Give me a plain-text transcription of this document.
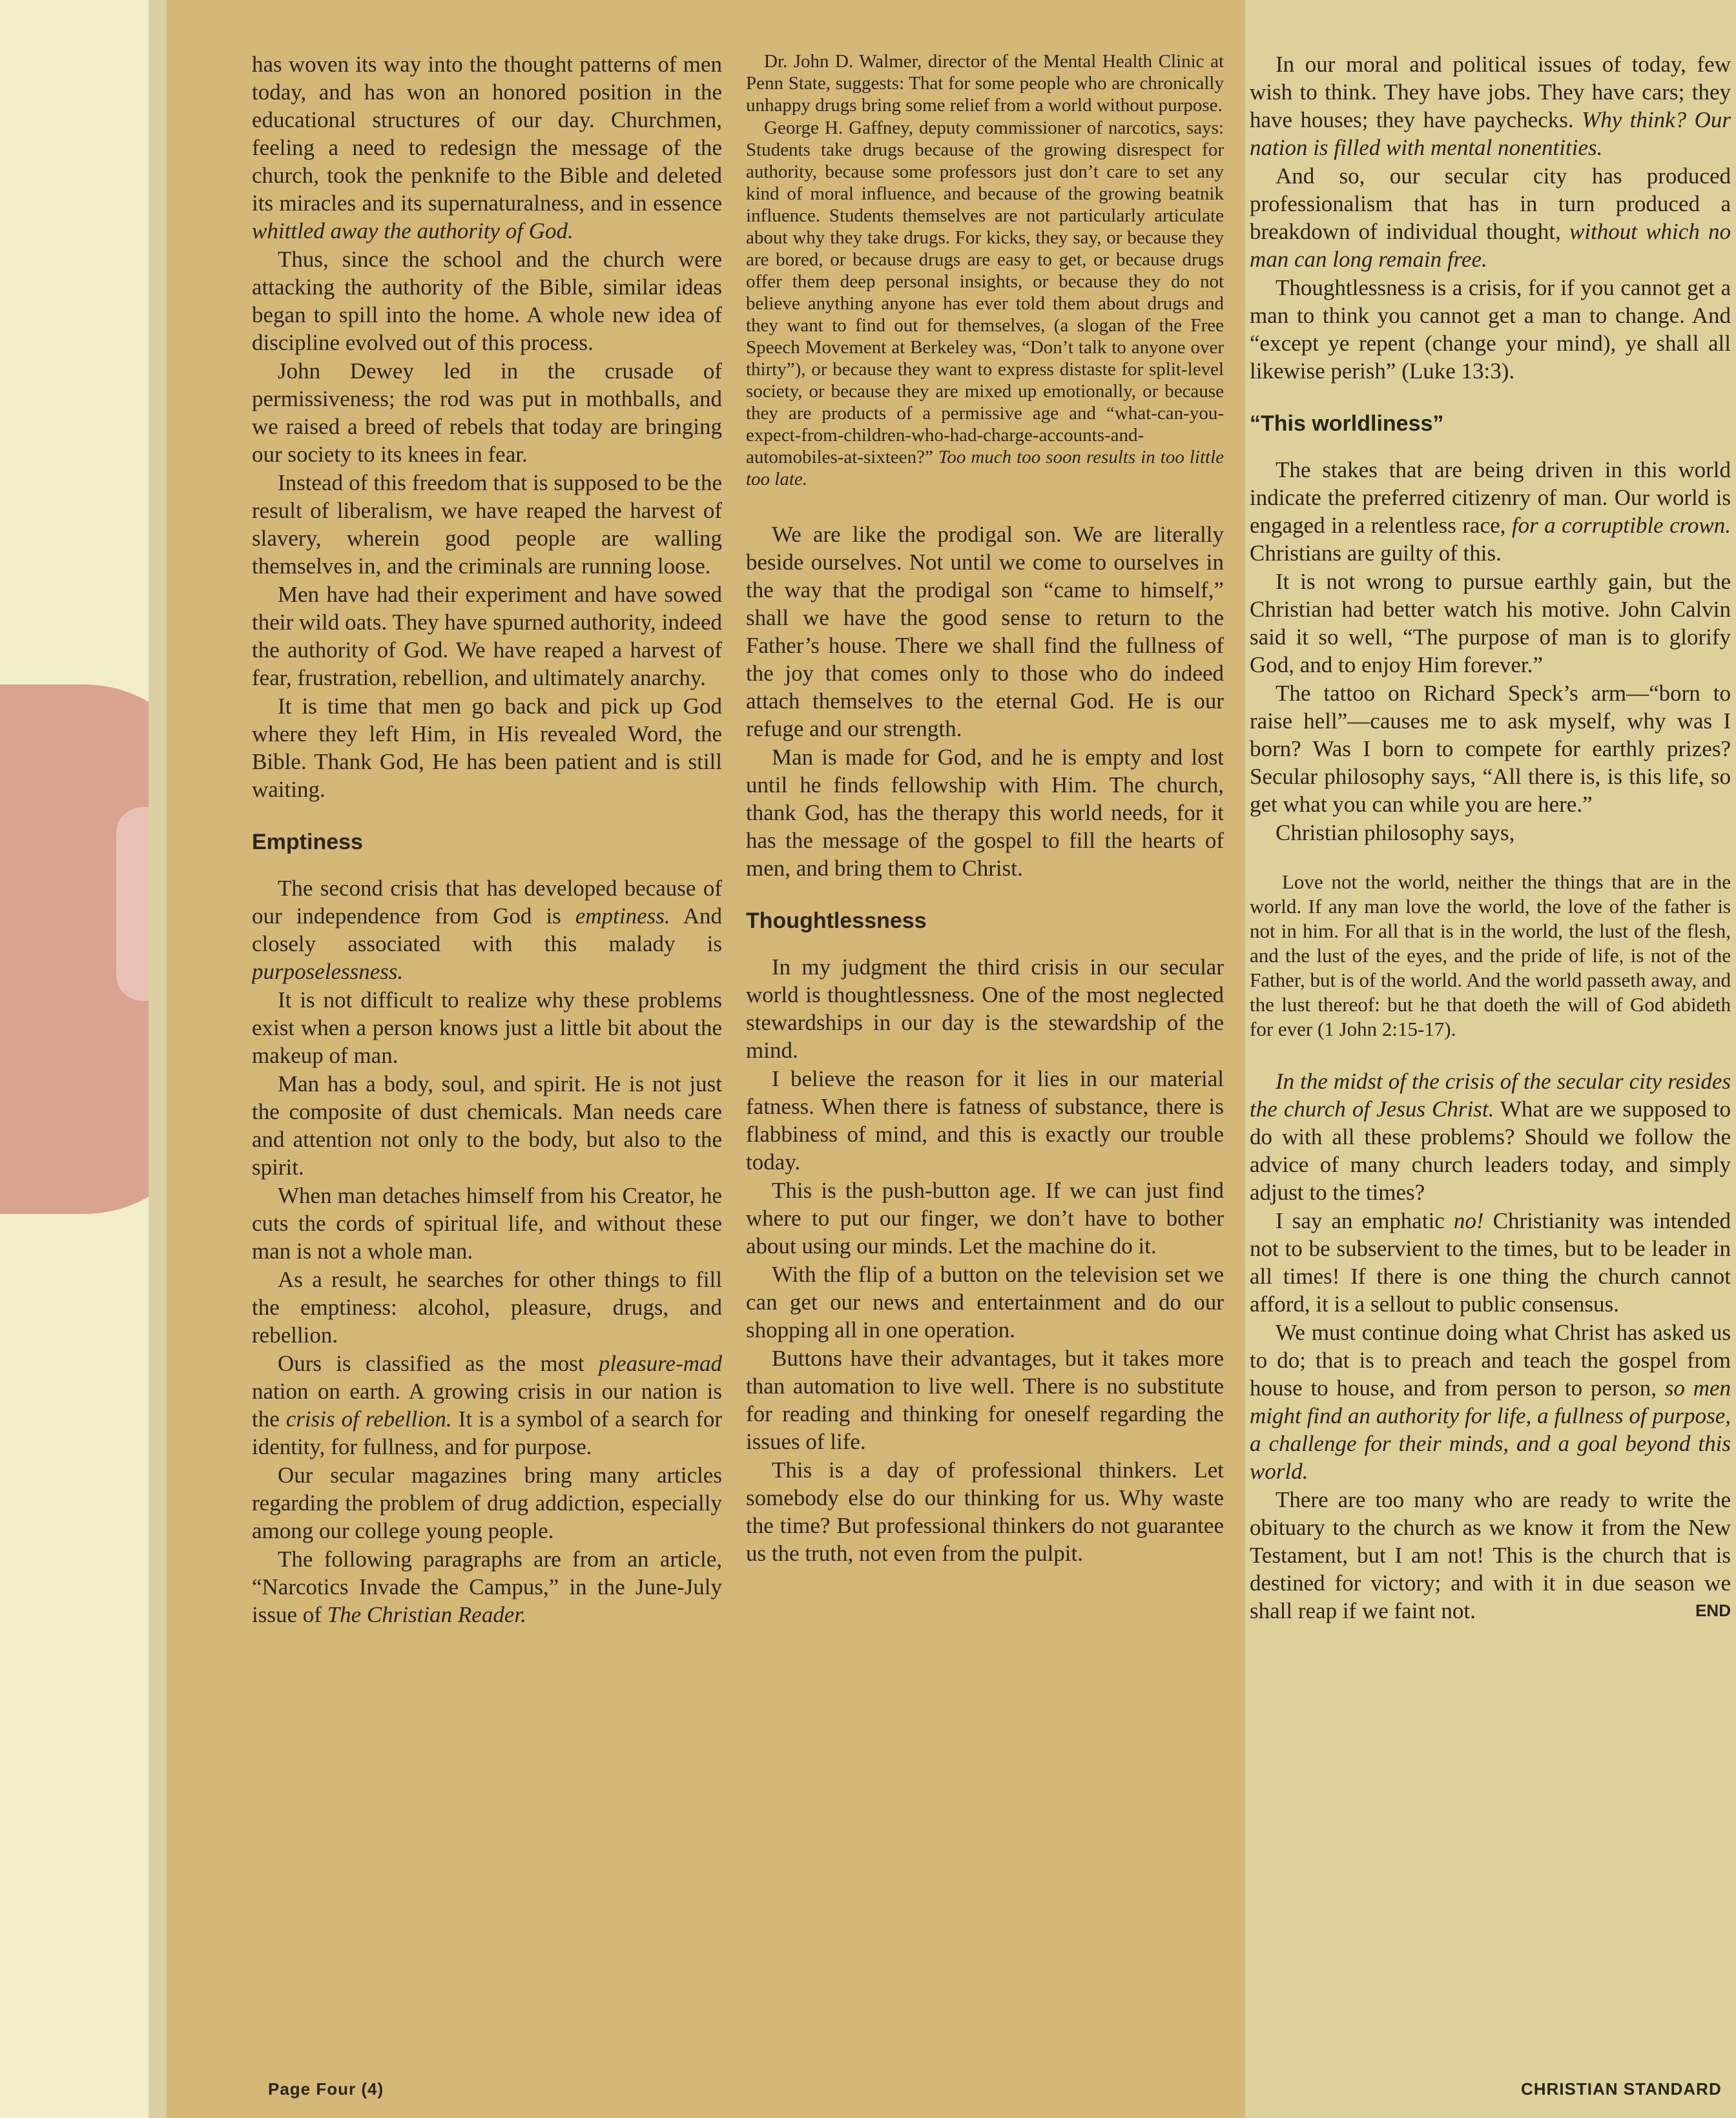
has woven its way into the thought patterns of men today, and has won an honored position in the educational structures of our day. Churchmen, feeling a need to redesign the message of the church, took the penknife to the Bible and deleted its miracles and its supernaturalness, and in essence whittled away the authority of God.

Thus, since the school and the church were attacking the authority of the Bible, similar ideas began to spill into the home. A whole new idea of discipline evolved out of this process.

John Dewey led in the crusade of permissiveness; the rod was put in mothballs, and we raised a breed of rebels that today are bringing our society to its knees in fear.

Instead of this freedom that is supposed to be the result of liberalism, we have reaped the harvest of slavery, wherein good people are walling themselves in, and the criminals are running loose.

Men have had their experiment and have sowed their wild oats. They have spurned authority, indeed the authority of God. We have reaped a harvest of fear, frustration, rebellion, and ultimately anarchy.

It is time that men go back and pick up God where they left Him, in His revealed Word, the Bible. Thank God, He has been patient and is still waiting.

Emptiness

The second crisis that has developed because of our independence from God is emptiness. And closely associated with this malady is purposelessness.

It is not difficult to realize why these problems exist when a person knows just a little bit about the makeup of man.

Man has a body, soul, and spirit. He is not just the composite of dust chemicals. Man needs care and attention not only to the body, but also to the spirit.

When man detaches himself from his Creator, he cuts the cords of spiritual life, and without these man is not a whole man.

As a result, he searches for other things to fill the emptiness: alcohol, pleasure, drugs, and rebellion.

Ours is classified as the most pleasure-mad nation on earth. A growing crisis in our nation is the crisis of rebellion. It is a symbol of a search for identity, for fullness, and for purpose.

Our secular magazines bring many articles regarding the problem of drug addiction, especially among our college young people.

The following paragraphs are from an article, “Narcotics Invade the Campus,” in the June-July issue of The Christian Reader.

Dr. John D. Walmer, director of the Mental Health Clinic at Penn State, suggests: That for some people who are chronically unhappy drugs bring some relief from a world without purpose.

George H. Gaffney, deputy commissioner of narcotics, says: Students take drugs because of the growing disrespect for authority, because some professors just don’t care to set any kind of moral influence, and because of the growing beatnik influence. Students themselves are not particularly articulate about why they take drugs. For kicks, they say, or because they are bored, or because drugs are easy to get, or because drugs offer them deep personal insights, or because they do not believe anything anyone has ever told them about drugs and they want to find out for themselves, (a slogan of the Free Speech Movement at Berkeley was, “Don’t talk to anyone over thirty”), or because they want to express distaste for split-level society, or because they are mixed up emotionally, or because they are products of a permissive age and “what-can-you-expect-from-children-who-had-charge-accounts-and-automobiles-at-sixteen?” Too much too soon results in too little too late.

We are like the prodigal son. We are literally beside ourselves. Not until we come to ourselves in the way that the prodigal son “came to himself,” shall we have the good sense to return to the Father’s house. There we shall find the fullness of the joy that comes only to those who do indeed attach themselves to the eternal God. He is our refuge and our strength.

Man is made for God, and he is empty and lost until he finds fellowship with Him. The church, thank God, has the therapy this world needs, for it has the message of the gospel to fill the hearts of men, and bring them to Christ.

Thoughtlessness

In my judgment the third crisis in our secular world is thoughtlessness. One of the most neglected stewardships in our day is the stewardship of the mind.

I believe the reason for it lies in our material fatness. When there is fatness of substance, there is flabbiness of mind, and this is exactly our trouble today.

This is the push-button age. If we can just find where to put our finger, we don’t have to bother about using our minds. Let the machine do it.

With the flip of a button on the television set we can get our news and entertainment and do our shopping all in one operation.

Buttons have their advantages, but it takes more than automation to live well. There is no substitute for reading and thinking for oneself regarding the issues of life.

This is a day of professional thinkers. Let somebody else do our thinking for us. Why waste the time? But professional thinkers do not guarantee us the truth, not even from the pulpit.

In our moral and political issues of today, few wish to think. They have jobs. They have cars; they have houses; they have paychecks. Why think? Our nation is filled with mental nonentities.

And so, our secular city has produced professionalism that has in turn produced a breakdown of individual thought, without which no man can long remain free.

Thoughtlessness is a crisis, for if you cannot get a man to think you cannot get a man to change. And “except ye repent (change your mind), ye shall all likewise perish” (Luke 13:3).

“This worldliness”

The stakes that are being driven in this world indicate the preferred citizenry of man. Our world is engaged in a relentless race, for a corruptible crown. Christians are guilty of this.

It is not wrong to pursue earthly gain, but the Christian had better watch his motive. John Calvin said it so well, “The purpose of man is to glorify God, and to enjoy Him forever.”

The tattoo on Richard Speck’s arm—“born to raise hell”—causes me to ask myself, why was I born? Was I born to compete for earthly prizes? Secular philosophy says, “All there is, is this life, so get what you can while you are here.”

Christian philosophy says,

Love not the world, neither the things that are in the world. If any man love the world, the love of the father is not in him. For all that is in the world, the lust of the flesh, and the lust of the eyes, and the pride of life, is not of the Father, but is of the world. And the world passeth away, and the lust thereof: but he that doeth the will of God abideth for ever (1 John 2:15-17).

In the midst of the crisis of the secular city resides the church of Jesus Christ. What are we supposed to do with all these problems? Should we follow the advice of many church leaders today, and simply adjust to the times?

I say an emphatic no! Christianity was intended not to be subservient to the times, but to be leader in all times! If there is one thing the church cannot afford, it is a sellout to public consensus.

We must continue doing what Christ has asked us to do; that is to preach and teach the gospel from house to house, and from person to person, so men might find an authority for life, a fullness of purpose, a challenge for their minds, and a goal beyond this world.

There are too many who are ready to write the obituary to the church as we know it from the New Testament, but I am not! This is the church that is destined for victory; and with it in due season we shall reap if we faint not.	END

Page Four (4)	CHRISTIAN STANDARD
